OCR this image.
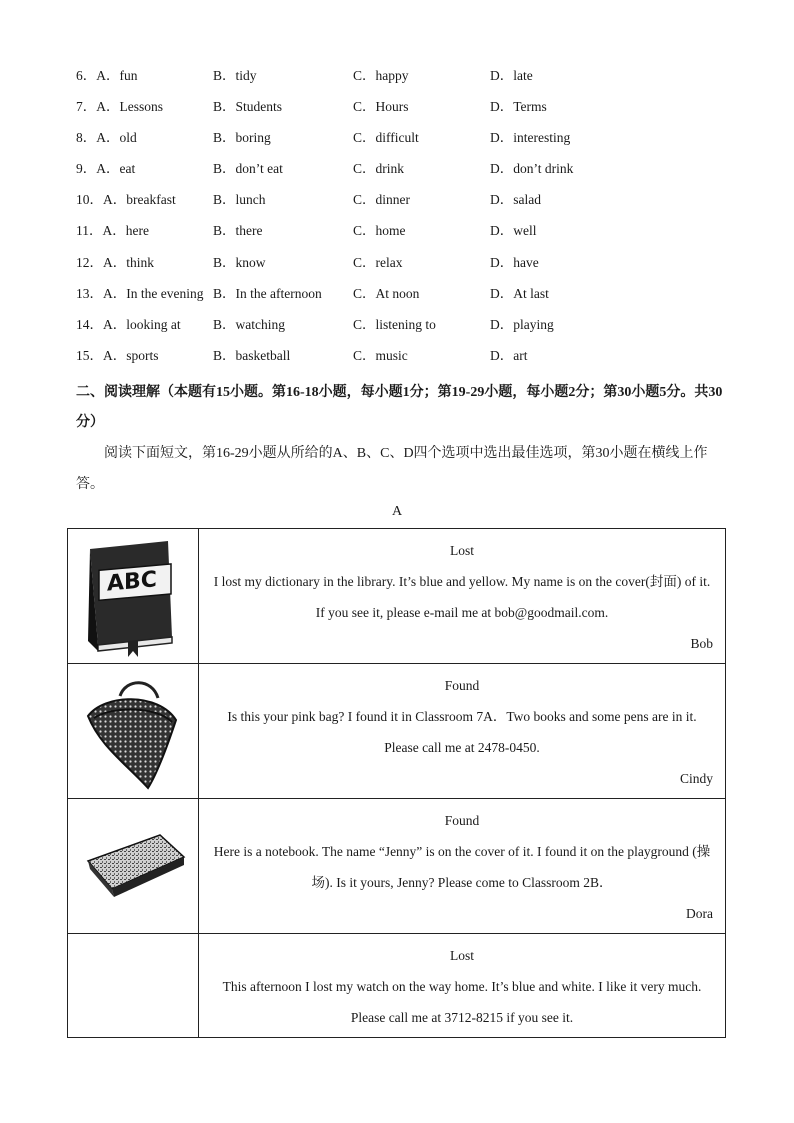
6．A．fun	B．tidy	C．happy	D．late
7．A．Lessons	B．Students	C．Hours	D．Terms
8．A．old	B．boring	C．difficult	D．interesting
9．A．eat	B．don’t eat	C．drink	D．don’t drink
10．A．breakfast	B．lunch	C．dinner	D．salad
11．A．here	B．there	C．home	D．well
12．A．think	B．know	C．relax	D．have
13．A．In the evening B．In the afternoon C．At noon	D．At last
14．A．looking at B．watching	C．listening to	D．playing
15．A．sports	B．basketball	C．music	D．art
二、阅读理解（本题有15小题。第16-18小题，每小题1分；第19-29小题，每小题2分；第30小题5分。共30分）
阅读下面短文，第16-29小题从所给的A、B、C、D四个选项中选出最佳选项，第30小题在横线上作答。
A
ABC	Lost
I lost my dictionary in the library. It’s blue and yellow. My name is on the cover(封面) of it. If you see it, please e-mail me at bob@goodmail.com.
Bob

Found
Is this your pink bag? I found it in Classroom 7A．Two books and some pens are in it. Please call me at 2478-0450.
Cindy

Found
Here is a notebook. The name “Jenny” is on the cover of it. I found it on the playground (操场). Is it yours, Jenny? Please come to Classroom 2B．
Dora

	Lost
This afternoon I lost my watch on the way home. It’s blue and white. I like it very much. Please call me at 3712-8215 if you see it.
